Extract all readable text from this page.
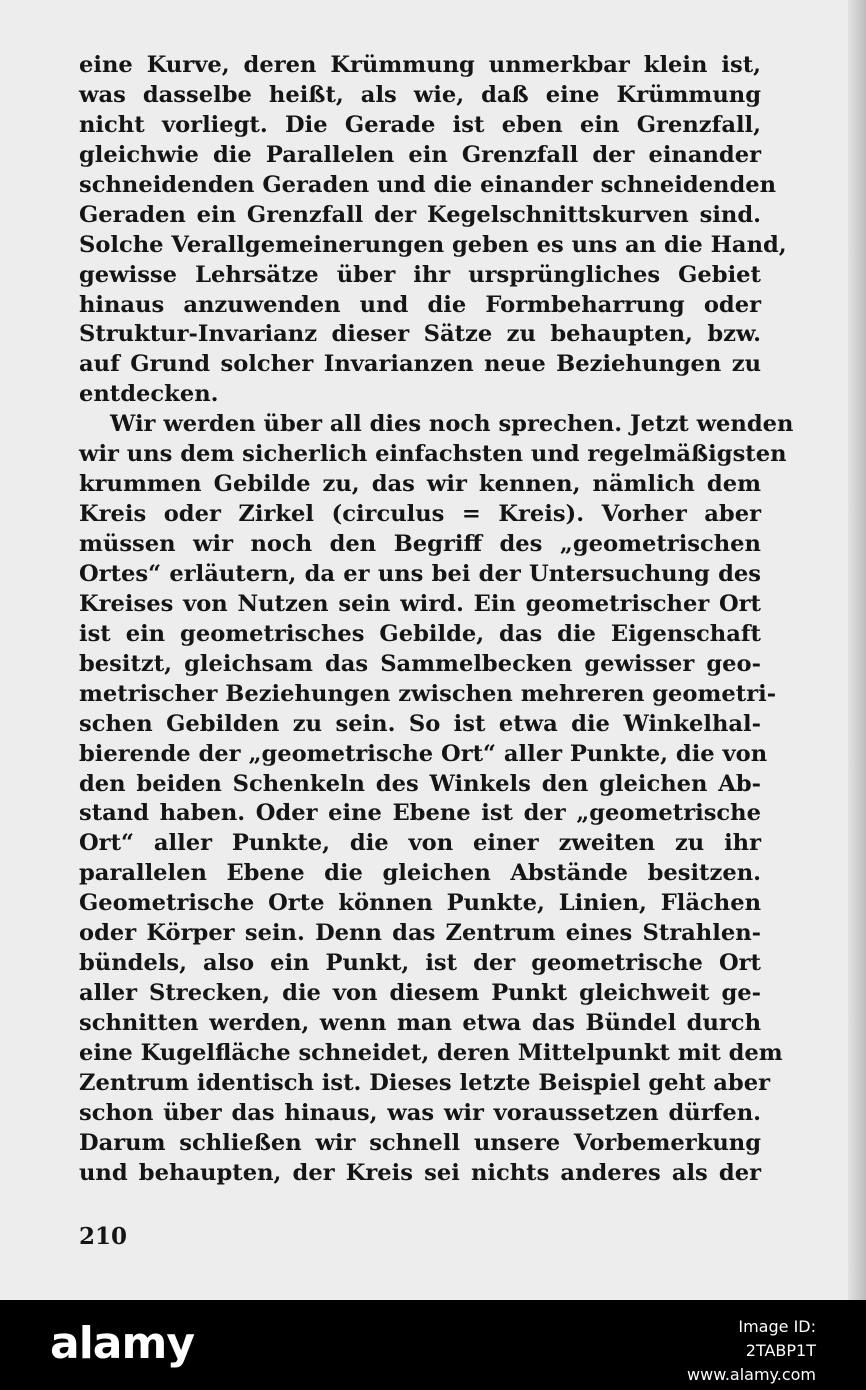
eine Kurve, deren Krümmung unmerkbar klein ist,
was dasselbe heißt, als wie, daß eine Krümmung
nicht vorliegt. Die Gerade ist eben ein Grenzfall,
gleichwie die Parallelen ein Grenzfall der einander
schneidenden Geraden und die einander schneidenden
Geraden ein Grenzfall der Kegelschnittskurven sind.
Solche Verallgemeinerungen geben es uns an die Hand,
gewisse Lehrsätze über ihr ursprüngliches Gebiet
hinaus anzuwenden und die Formbeharrung oder
Struktur-Invarianz dieser Sätze zu behaupten, bzw.
auf Grund solcher Invarianzen neue Beziehungen zu
entdecken.
Wir werden über all dies noch sprechen. Jetzt wenden
wir uns dem sicherlich einfachsten und regelmäßigsten
krummen Gebilde zu, das wir kennen, nämlich dem
Kreis oder Zirkel (circulus = Kreis). Vorher aber
müssen wir noch den Begriff des „geometrischen
Ortes“ erläutern, da er uns bei der Untersuchung des
Kreises von Nutzen sein wird. Ein geometrischer Ort
ist ein geometrisches Gebilde, das die Eigenschaft
besitzt, gleichsam das Sammelbecken gewisser geo-
metrischer Beziehungen zwischen mehreren geometri-
schen Gebilden zu sein. So ist etwa die Winkelhal-
bierende der „geometrische Ort“ aller Punkte, die von
den beiden Schenkeln des Winkels den gleichen Ab-
stand haben. Oder eine Ebene ist der „geometrische
Ort“ aller Punkte, die von einer zweiten zu ihr
parallelen Ebene die gleichen Abstände besitzen.
Geometrische Orte können Punkte, Linien, Flächen
oder Körper sein. Denn das Zentrum eines Strahlen-
bündels, also ein Punkt, ist der geometrische Ort
aller Strecken, die von diesem Punkt gleichweit ge-
schnitten werden, wenn man etwa das Bündel durch
eine Kugelfläche schneidet, deren Mittelpunkt mit dem
Zentrum identisch ist. Dieses letzte Beispiel geht aber
schon über das hinaus, was wir voraussetzen dürfen.
Darum schließen wir schnell unsere Vorbemerkung
und behaupten, der Kreis sei nichts anderes als der
210
alamy	Image ID: 2TABP1T
www.alamy.com
